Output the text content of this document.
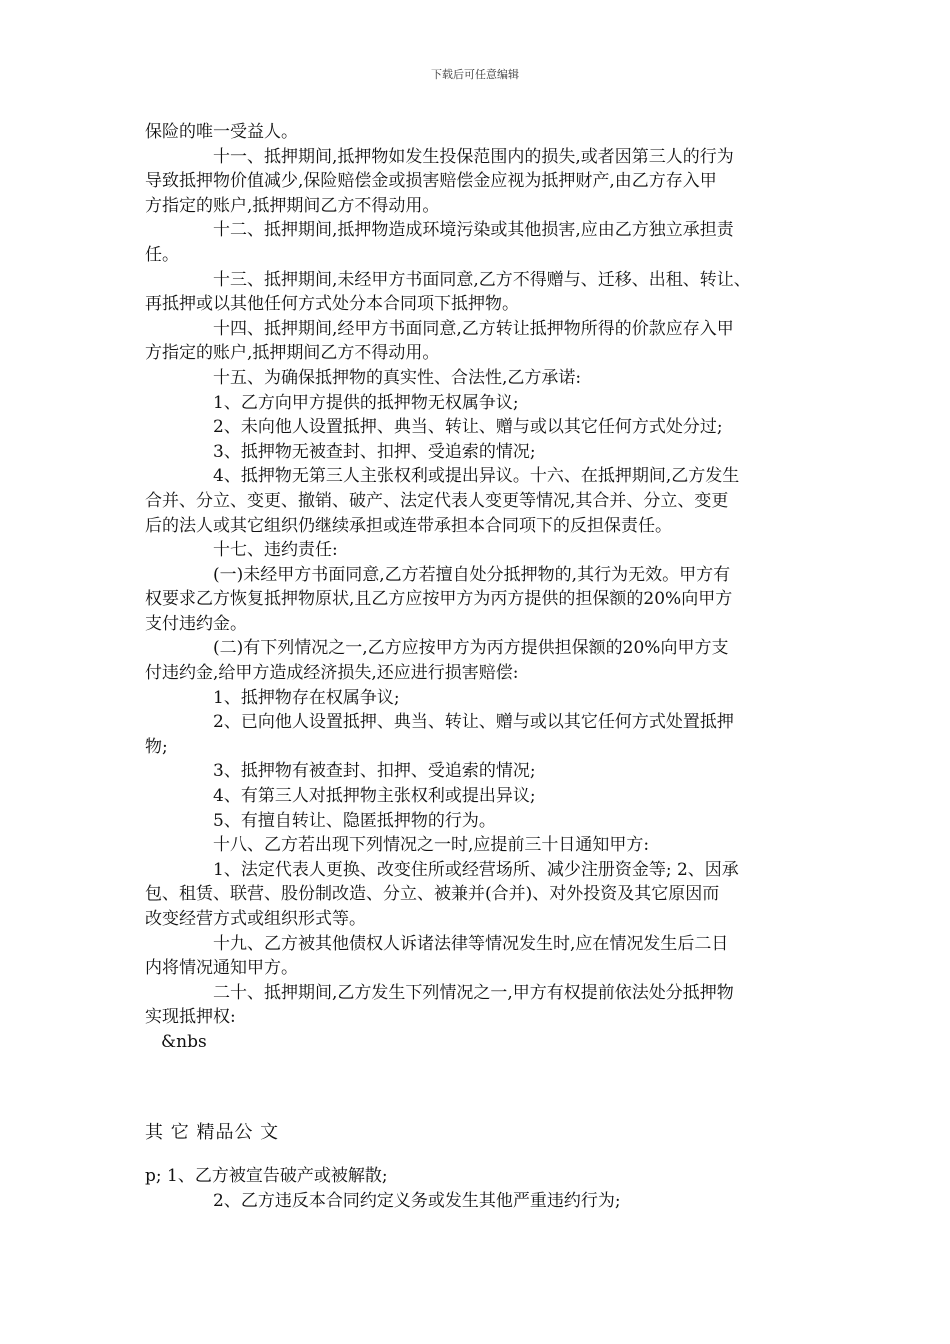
下载后可任意编辑
保险的唯一受益人。
十一、抵押期间,抵押物如发生投保范围内的损失,或者因第三人的行为
导致抵押物价值减少,保险赔偿金或损害赔偿金应视为抵押财产,由乙方存入甲
方指定的账户,抵押期间乙方不得动用。
十二、抵押期间,抵押物造成环境污染或其他损害,应由乙方独立承担责
任。
十三、抵押期间,未经甲方书面同意,乙方不得赠与、迁移、出租、转让、
再抵押或以其他任何方式处分本合同项下抵押物。
十四、抵押期间,经甲方书面同意,乙方转让抵押物所得的价款应存入甲
方指定的账户,抵押期间乙方不得动用。
十五、为确保抵押物的真实性、合法性,乙方承诺:
1、乙方向甲方提供的抵押物无权属争议;
2、未向他人设置抵押、典当、转让、赠与或以其它任何方式处分过;
3、抵押物无被查封、扣押、受追索的情况;
4、抵押物无第三人主张权利或提出异议。十六、在抵押期间,乙方发生
合并、分立、变更、撤销、破产、法定代表人变更等情况,其合并、分立、变更
后的法人或其它组织仍继续承担或连带承担本合同项下的反担保责任。
十七、违约责任:
(一)未经甲方书面同意,乙方若擅自处分抵押物的,其行为无效。甲方有
权要求乙方恢复抵押物原状,且乙方应按甲方为丙方提供的担保额的20%向甲方
支付违约金。
(二)有下列情况之一,乙方应按甲方为丙方提供担保额的20%向甲方支
付违约金,给甲方造成经济损失,还应进行损害赔偿:
1、抵押物存在权属争议;
2、已向他人设置抵押、典当、转让、赠与或以其它任何方式处置抵押
物;
3、抵押物有被查封、扣押、受追索的情况;
4、有第三人对抵押物主张权利或提出异议;
5、有擅自转让、隐匿抵押物的行为。
十八、乙方若出现下列情况之一时,应提前三十日通知甲方:
1、法定代表人更换、改变住所或经营场所、减少注册资金等; 2、因承
包、租赁、联营、股份制改造、分立、被兼并(合并)、对外投资及其它原因而
改变经营方式或组织形式等。
十九、乙方被其他债权人诉诸法律等情况发生时,应在情况发生后二日
内将情况通知甲方。
二十、抵押期间,乙方发生下列情况之一,甲方有权提前依法处分抵押物
实现抵押权:
&nbs
其 它 精品公 文
p; 1、乙方被宣告破产或被解散;
2、乙方违反本合同约定义务或发生其他严重违约行为;
